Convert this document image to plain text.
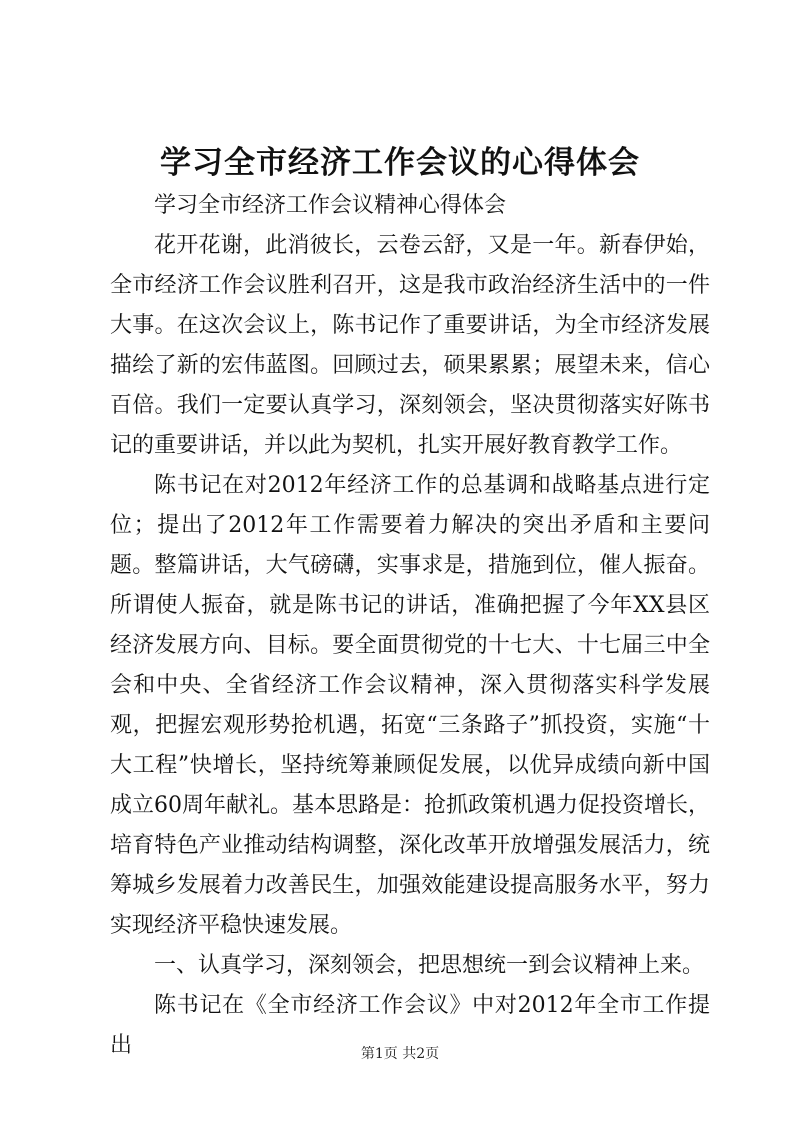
学习全市经济工作会议的心得体会

学习全市经济工作会议精神心得体会

花开花谢，此消彼长，云卷云舒，又是一年。新春伊始，全市经济工作会议胜利召开，这是我市政治经济生活中的一件大事。在这次会议上，陈书记作了重要讲话，为全市经济发展描绘了新的宏伟蓝图。回顾过去，硕果累累；展望未来，信心百倍。我们一定要认真学习，深刻领会，坚决贯彻落实好陈书记的重要讲话，并以此为契机，扎实开展好教育教学工作。

陈书记在对2012年经济工作的总基调和战略基点进行定位；提出了2012年工作需要着力解决的突出矛盾和主要问题。整篇讲话，大气磅礴，实事求是，措施到位，催人振奋。所谓使人振奋，就是陈书记的讲话，准确把握了今年XX县区经济发展方向、目标。要全面贯彻党的十七大、十七届三中全会和中央、全省经济工作会议精神，深入贯彻落实科学发展观，把握宏观形势抢机遇，拓宽“三条路子”抓投资，实施“十大工程”快增长，坚持统筹兼顾促发展，以优异成绩向新中国成立60周年献礼。基本思路是：抢抓政策机遇力促投资增长，培育特色产业推动结构调整，深化改革开放增强发展活力，统筹城乡发展着力改善民生，加强效能建设提高服务水平，努力实现经济平稳快速发展。

一、认真学习，深刻领会，把思想统一到会议精神上来。

陈书记在《全市经济工作会议》中对2012年全市工作提出	第1页 共2页
